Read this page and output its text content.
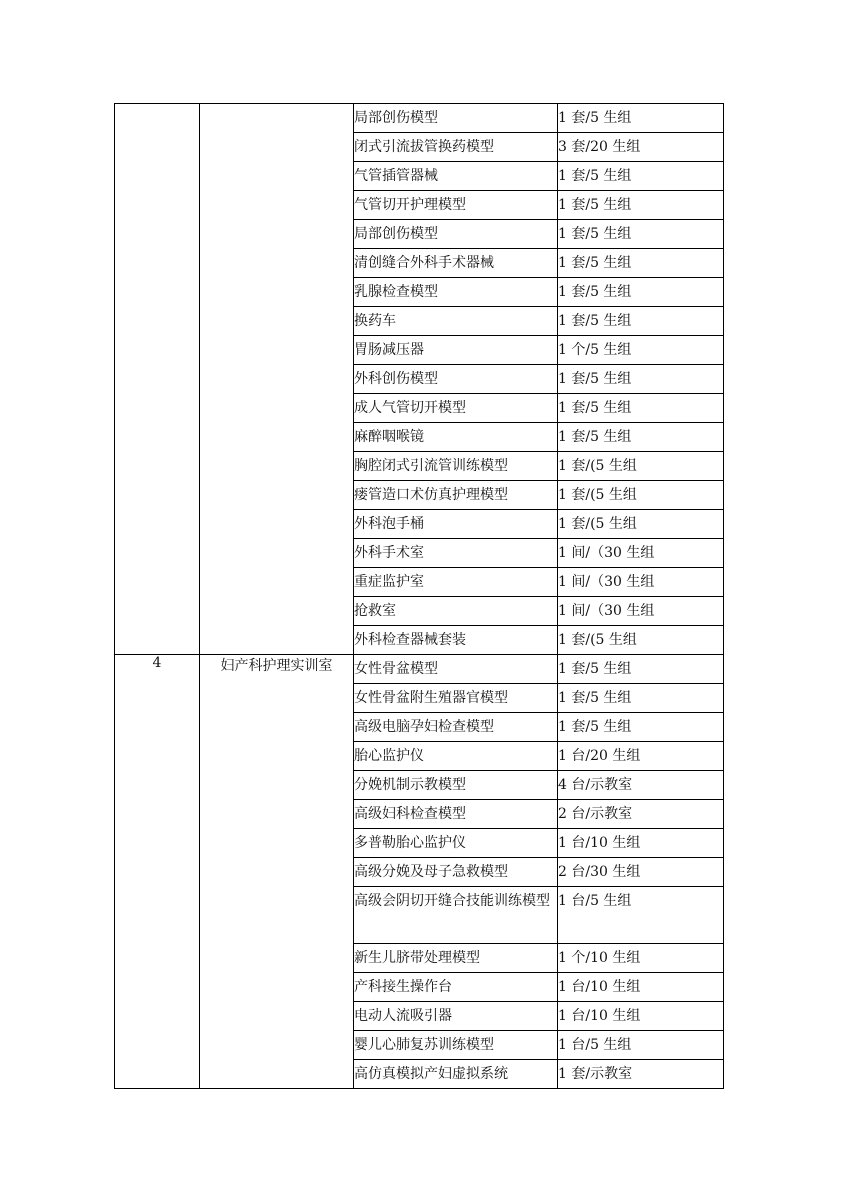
		局部创伤模型	1 套/5 生组
		闭式引流拔管换药模型	3 套/20 生组
		气管插管器械	1 套/5 生组
		气管切开护理模型	1 套/5 生组
		局部创伤模型	1 套/5 生组
		清创缝合外科手术器械	1 套/5 生组
		乳腺检查模型	1 套/5 生组
		换药车	1 套/5 生组
		胃肠减压器	1 个/5 生组
		外科创伤模型	1 套/5 生组
		成人气管切开模型	1 套/5 生组
		麻醉咽喉镜	1 套/5 生组
		胸腔闭式引流管训练模型	1 套/(5 生组
		瘘管造口术仿真护理模型	1 套/(5 生组
		外科泡手桶	1 套/(5 生组
		外科手术室	1 间/（30 生组
		重症监护室	1 间/（30 生组
		抢救室	1 间/（30 生组
		外科检查器械套装	1 套/(5 生组
4	妇产科护理实训室	女性骨盆模型	1 套/5 生组
		女性骨盆附生殖器官模型	1 套/5 生组
		高级电脑孕妇检查模型	1 套/5 生组
		胎心监护仪	1 台/20 生组
		分娩机制示教模型	4 台/示教室
		高级妇科检查模型	2 台/示教室
		多普勒胎心监护仪	1 台/10 生组
		高级分娩及母子急救模型	2 台/30 生组
		高级会阴切开缝合技能训练模型	1 台/5 生组
		新生儿脐带处理模型	1 个/10 生组
		产科接生操作台	1 台/10 生组
		电动人流吸引器	1 台/10 生组
		婴儿心肺复苏训练模型	1 台/5 生组
		高仿真模拟产妇虚拟系统	1 套/示教室
